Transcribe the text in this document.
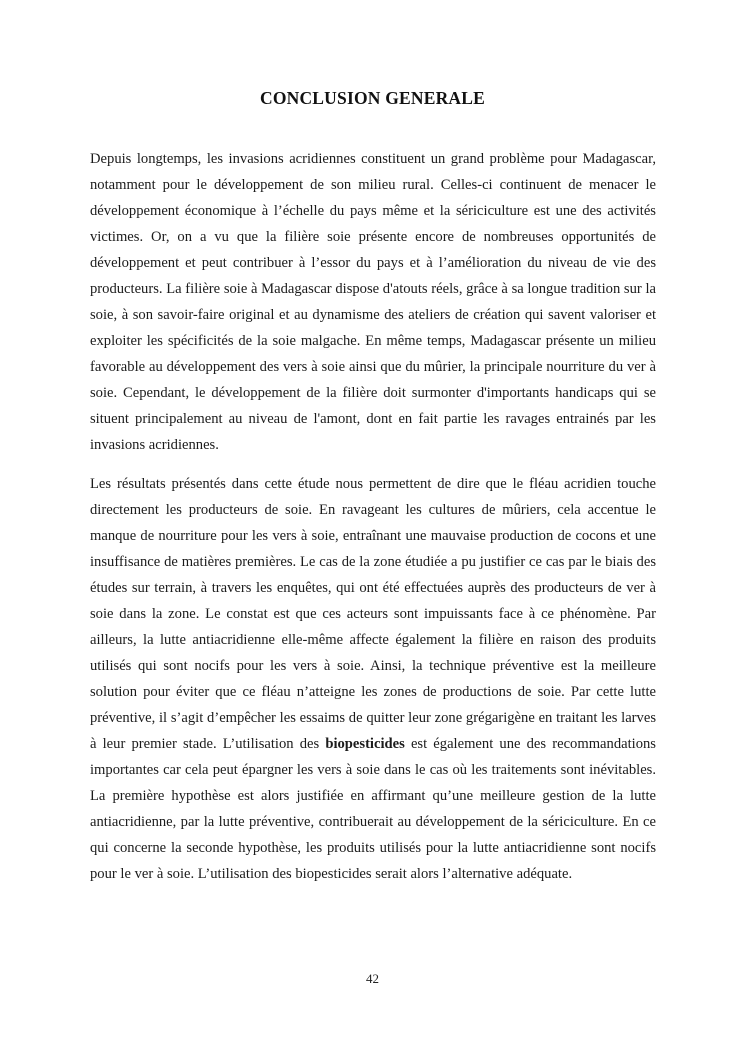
CONCLUSION GENERALE

Depuis longtemps, les invasions acridiennes constituent un grand problème pour Madagascar, notamment pour le développement de son milieu rural. Celles-ci continuent de menacer le développement économique à l’échelle du pays même et la sériciculture est une des activités victimes. Or, on a vu que la filière soie présente encore de nombreuses opportunités de développement et peut contribuer à l’essor du pays et à l’amélioration du niveau de vie des producteurs. La filière soie à Madagascar dispose d'atouts réels, grâce à sa longue tradition sur la soie, à son savoir-faire original et au dynamisme des ateliers de création qui savent valoriser et exploiter les spécificités de la soie malgache. En même temps, Madagascar présente un milieu favorable au développement des vers à soie ainsi que du mûrier, la principale nourriture du ver à soie. Cependant, le développement de la filière doit surmonter d'importants handicaps qui se situent principalement au niveau de l'amont, dont en fait partie les ravages entrainés par les invasions acridiennes.

Les résultats présentés dans cette étude nous permettent de dire que le fléau acridien touche directement les producteurs de soie. En ravageant les cultures de mûriers, cela accentue le manque de nourriture pour les vers à soie, entraînant une mauvaise production de cocons et une insuffisance de matières premières. Le cas de la zone étudiée a pu justifier ce cas par le biais des études sur terrain, à travers les enquêtes, qui ont été effectuées auprès des producteurs de ver à soie dans la zone. Le constat est que ces acteurs sont impuissants face à ce phénomène. Par ailleurs, la lutte antiacridienne elle-même affecte également la filière en raison des produits utilisés qui sont nocifs pour les vers à soie. Ainsi, la technique préventive est la meilleure solution pour éviter que ce fléau n’atteigne les zones de productions de soie. Par cette lutte préventive, il s’agit d’empêcher les essaims de quitter leur zone grégarigène en traitant les larves à leur premier stade. L’utilisation des biopesticides est également une des recommandations importantes car cela peut épargner les vers à soie dans le cas où les traitements sont inévitables. La première hypothèse est alors justifiée en affirmant qu’une meilleure gestion de la lutte antiacridienne, par la lutte préventive, contribuerait au développement de la sériciculture. En ce qui concerne la seconde hypothèse, les produits utilisés pour la lutte antiacridienne sont nocifs pour le ver à soie. L’utilisation des biopesticides serait alors l’alternative adéquate.

42
